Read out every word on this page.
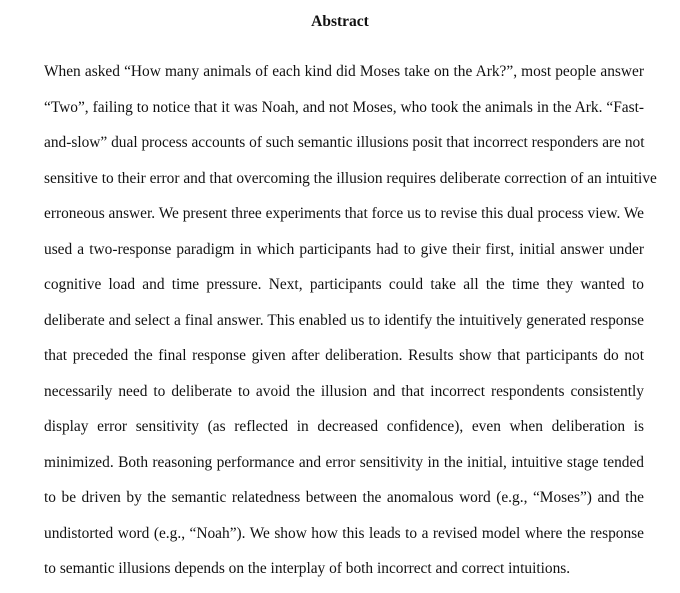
Abstract
When asked “How many animals of each kind did Moses take on the Ark?”, most people answer
“Two”, failing to notice that it was Noah, and not Moses, who took the animals in the Ark. “Fast-
and-slow” dual process accounts of such semantic illusions posit that incorrect responders are not
sensitive to their error and that overcoming the illusion requires deliberate correction of an intuitive
erroneous answer. We present three experiments that force us to revise this dual process view. We
used a two-response paradigm in which participants had to give their first, initial answer under
cognitive load and time pressure. Next, participants could take all the time they wanted to
deliberate and select a final answer. This enabled us to identify the intuitively generated response
that preceded the final response given after deliberation. Results show that participants do not
necessarily need to deliberate to avoid the illusion and that incorrect respondents consistently
display error sensitivity (as reflected in decreased confidence), even when deliberation is
minimized. Both reasoning performance and error sensitivity in the initial, intuitive stage tended
to be driven by the semantic relatedness between the anomalous word (e.g., “Moses”) and the
undistorted word (e.g., “Noah”). We show how this leads to a revised model where the response
to semantic illusions depends on the interplay of both incorrect and correct intuitions.
